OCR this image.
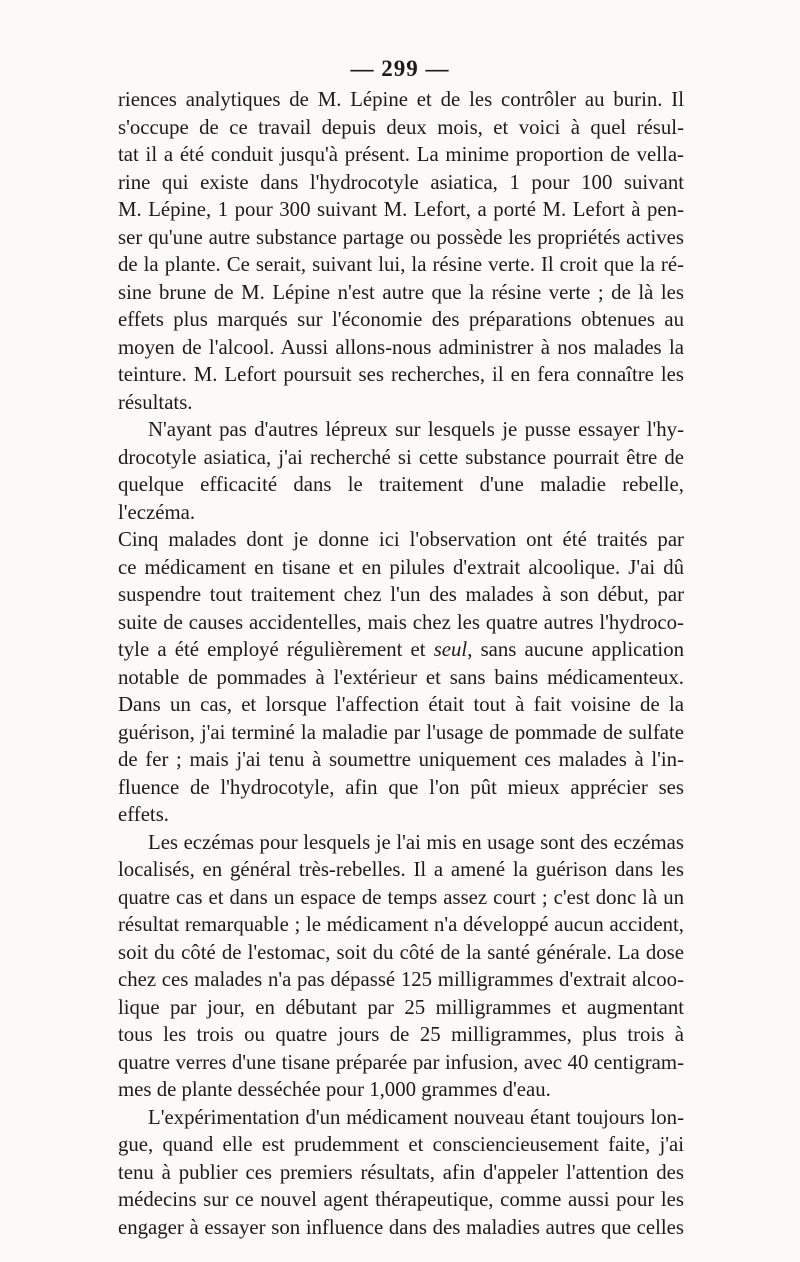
— 299 —

riences analytiques de M. Lépine et de les contrôler au burin. Il
s'occupe de ce travail depuis deux mois, et voici à quel résul-
tat il a été conduit jusqu'à présent. La minime proportion de vella-
rine qui existe dans l'hydrocotyle asiatica, 1 pour 100 suivant
M. Lépine, 1 pour 300 suivant M. Lefort, a porté M. Lefort à pen-
ser qu'une autre substance partage ou possède les propriétés actives
de la plante. Ce serait, suivant lui, la résine verte. Il croit que la ré-
sine brune de M. Lépine n'est autre que la résine verte ; de là les
effets plus marqués sur l'économie des préparations obtenues au
moyen de l'alcool. Aussi allons-nous administrer à nos malades la
teinture. M. Lefort poursuit ses recherches, il en fera connaître les
résultats.

N'ayant pas d'autres lépreux sur lesquels je pusse essayer l'hy-
drocotyle asiatica, j'ai recherché si cette substance pourrait être de
quelque efficacité dans le traitement d'une maladie rebelle, l'eczéma.
Cinq malades dont je donne ici l'observation ont été traités par
ce médicament en tisane et en pilules d'extrait alcoolique. J'ai dû
suspendre tout traitement chez l'un des malades à son début, par
suite de causes accidentelles, mais chez les quatre autres l'hydroco-
tyle a été employé régulièrement et seul, sans aucune application
notable de pommades à l'extérieur et sans bains médicamenteux.
Dans un cas, et lorsque l'affection était tout à fait voisine de la
guérison, j'ai terminé la maladie par l'usage de pommade de sulfate
de fer ; mais j'ai tenu à soumettre uniquement ces malades à l'in-
fluence de l'hydrocotyle, afin que l'on pût mieux apprécier ses
effets.

Les eczémas pour lesquels je l'ai mis en usage sont des eczémas
localisés, en général très-rebelles. Il a amené la guérison dans les
quatre cas et dans un espace de temps assez court ; c'est donc là un
résultat remarquable ; le médicament n'a développé aucun accident,
soit du côté de l'estomac, soit du côté de la santé générale. La dose
chez ces malades n'a pas dépassé 125 milligrammes d'extrait alcoo-
lique par jour, en débutant par 25 milligrammes et augmentant
tous les trois ou quatre jours de 25 milligrammes, plus trois à
quatre verres d'une tisane préparée par infusion, avec 40 centigram-
mes de plante desséchée pour 1,000 grammes d'eau.

L'expérimentation d'un médicament nouveau étant toujours lon-
gue, quand elle est prudemment et consciencieusement faite, j'ai
tenu à publier ces premiers résultats, afin d'appeler l'attention des
médecins sur ce nouvel agent thérapeutique, comme aussi pour les
engager à essayer son influence dans des maladies autres que celles
